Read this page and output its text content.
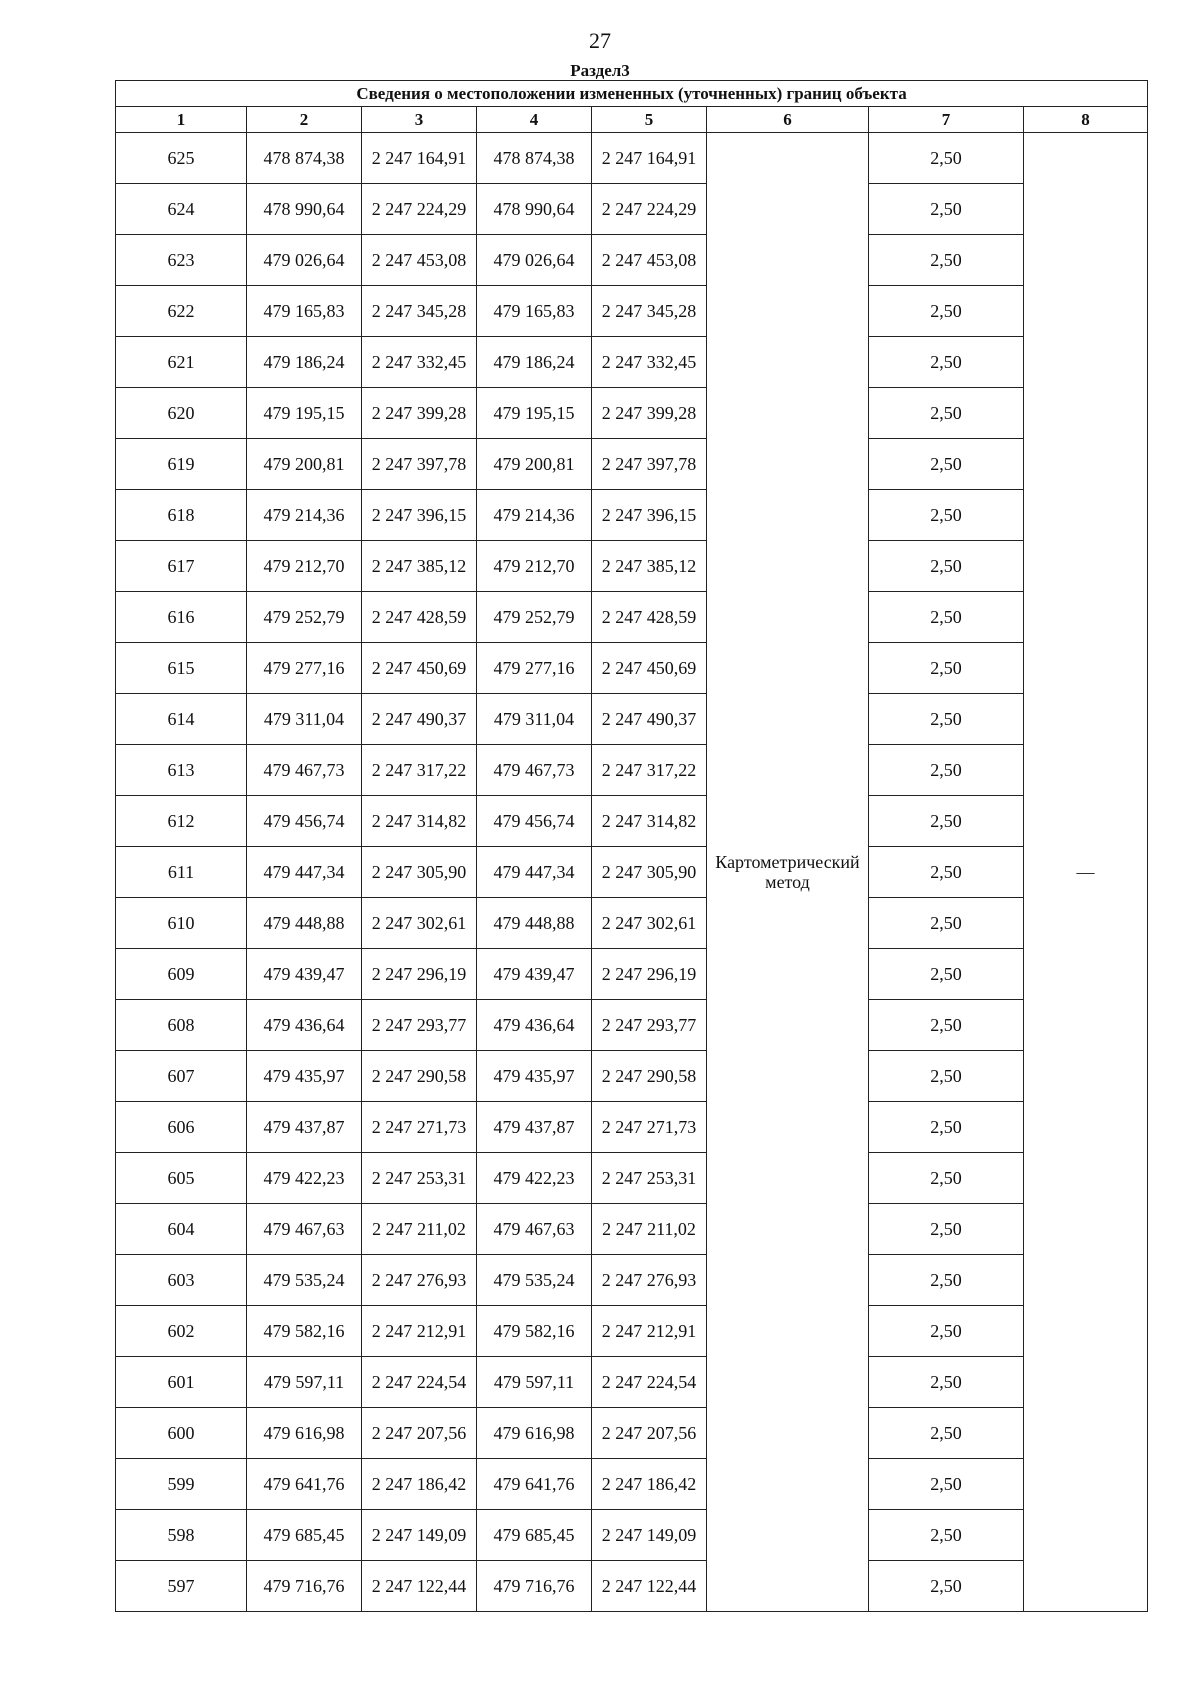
27
Раздел3
Сведения о местоположении измененных (уточненных) границ объекта							
1	2	3	4	5	6	7	8
625	478 874,38	2 247 164,91	478 874,38	2 247 164,91	Картометрический метод	2,50	—
624	478 990,64	2 247 224,29	478 990,64	2 247 224,29		2,50	
623	479 026,64	2 247 453,08	479 026,64	2 247 453,08		2,50	
622	479 165,83	2 247 345,28	479 165,83	2 247 345,28		2,50	
621	479 186,24	2 247 332,45	479 186,24	2 247 332,45		2,50	
620	479 195,15	2 247 399,28	479 195,15	2 247 399,28		2,50	
619	479 200,81	2 247 397,78	479 200,81	2 247 397,78		2,50	
618	479 214,36	2 247 396,15	479 214,36	2 247 396,15		2,50	
617	479 212,70	2 247 385,12	479 212,70	2 247 385,12		2,50	
616	479 252,79	2 247 428,59	479 252,79	2 247 428,59		2,50	
615	479 277,16	2 247 450,69	479 277,16	2 247 450,69		2,50	
614	479 311,04	2 247 490,37	479 311,04	2 247 490,37		2,50	
613	479 467,73	2 247 317,22	479 467,73	2 247 317,22		2,50	
612	479 456,74	2 247 314,82	479 456,74	2 247 314,82		2,50	
611	479 447,34	2 247 305,90	479 447,34	2 247 305,90		2,50	
610	479 448,88	2 247 302,61	479 448,88	2 247 302,61		2,50	
609	479 439,47	2 247 296,19	479 439,47	2 247 296,19		2,50	
608	479 436,64	2 247 293,77	479 436,64	2 247 293,77		2,50	
607	479 435,97	2 247 290,58	479 435,97	2 247 290,58		2,50	
606	479 437,87	2 247 271,73	479 437,87	2 247 271,73		2,50	
605	479 422,23	2 247 253,31	479 422,23	2 247 253,31		2,50	
604	479 467,63	2 247 211,02	479 467,63	2 247 211,02		2,50	
603	479 535,24	2 247 276,93	479 535,24	2 247 276,93		2,50	
602	479 582,16	2 247 212,91	479 582,16	2 247 212,91		2,50	
601	479 597,11	2 247 224,54	479 597,11	2 247 224,54		2,50	
600	479 616,98	2 247 207,56	479 616,98	2 247 207,56		2,50	
599	479 641,76	2 247 186,42	479 641,76	2 247 186,42		2,50	
598	479 685,45	2 247 149,09	479 685,45	2 247 149,09		2,50	
597	479 716,76	2 247 122,44	479 716,76	2 247 122,44		2,50	
